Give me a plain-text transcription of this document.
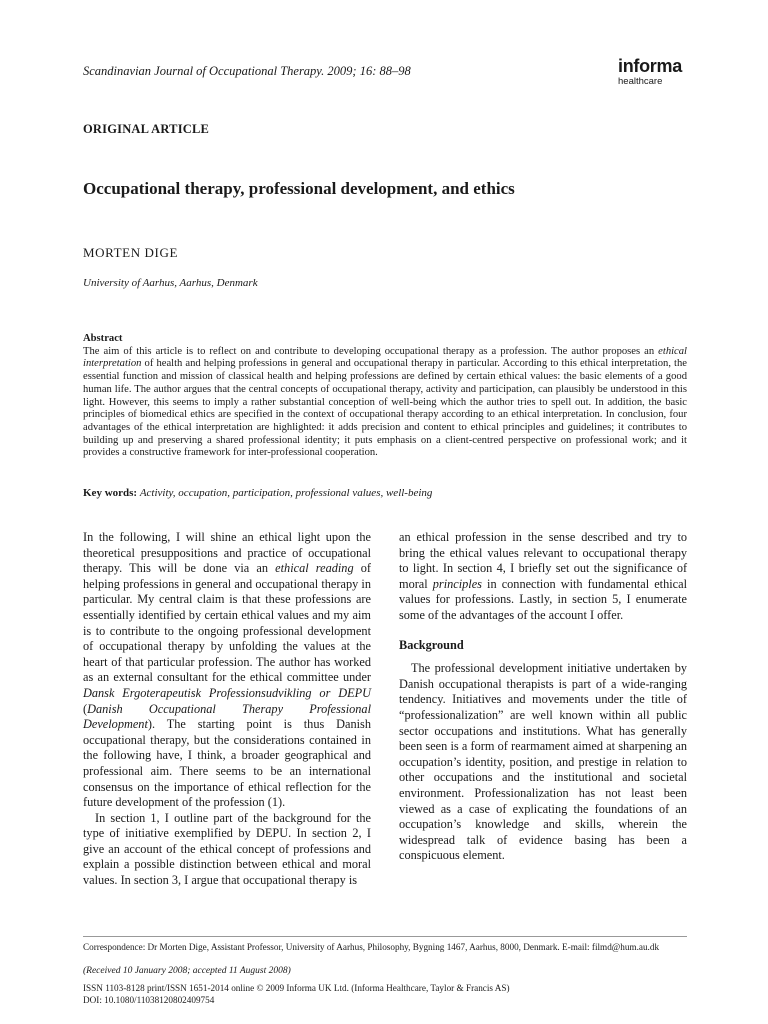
Scandinavian Journal of Occupational Therapy. 2009; 16: 88–98	informa
healthcare
ORIGINAL ARTICLE
Occupational therapy, professional development, and ethics
MORTEN DIGE
University of Aarhus, Aarhus, Denmark
Abstract
The aim of this article is to reflect on and contribute to developing occupational therapy as a profession. The author proposes an ethical interpretation of health and helping professions in general and occupational therapy in particular. According to this ethical interpretation, the essential function and mission of classical health and helping professions are defined by certain ethical values: the basic elements of a good human life. The author argues that the central concepts of occupational therapy, activity and participation, can plausibly be understood in this light. However, this seems to imply a rather substantial conception of well-being which the author tries to spell out. In addition, the basic principles of biomedical ethics are specified in the context of occupational therapy according to an ethical interpretation. In conclusion, four advantages of the ethical interpretation are highlighted: it adds precision and content to ethical principles and guidelines; it contributes to building up and preserving a shared professional identity; it puts emphasis on a client-centred perspective on professional work; and it provides a constructive framework for inter-professional cooperation.
Key words: Activity, occupation, participation, professional values, well-being

In the following, I will shine an ethical light upon the theoretical presuppositions and practice of occupational therapy. This will be done via an ethical reading of helping professions in general and occupational therapy in particular. My central claim is that these professions are essentially identified by certain ethical values and my aim is to contribute to the ongoing professional development of occupational therapy by unfolding the values at the heart of that particular profession. The author has worked as an external consultant for the ethical committee under Dansk Ergoterapeutisk Professionsudvikling or DEPU (Danish Occupational Therapy Professional Development). The starting point is thus Danish occupational therapy, but the considerations contained in the following have, I think, a broader geographical and professional aim. There seems to be an international consensus on the importance of ethical reflection for the future development of the profession (1).

In section 1, I outline part of the background for the type of initiative exemplified by DEPU. In section 2, I give an account of the ethical concept of professions and explain a possible distinction between ethical and moral values. In section 3, I argue that occupational therapy is

an ethical profession in the sense described and try to bring the ethical values relevant to occupational therapy to light. In section 4, I briefly set out the significance of moral principles in connection with fundamental ethical values for professions. Lastly, in section 5, I enumerate some of the advantages of the account I offer.

Background

The professional development initiative undertaken by Danish occupational therapists is part of a wide-ranging tendency. Initiatives and movements under the title of “professionalization” are well known within all public sector occupations and institutions. What has generally been seen is a form of rearmament aimed at sharpening an occupation’s identity, position, and prestige in relation to other occupations and the institutional and societal environment. Professionalization has not least been viewed as a case of explicating the foundations of an occupation’s knowledge and skills, wherein the widespread talk of evidence basing has been a conspicuous element.

Correspondence: Dr Morten Dige, Assistant Professor, University of Aarhus, Philosophy, Bygning 1467, Aarhus, 8000, Denmark. E-mail: filmd@hum.au.dk
(Received 10 January 2008; accepted 11 August 2008)
ISSN 1103-8128 print/ISSN 1651-2014 online © 2009 Informa UK Ltd. (Informa Healthcare, Taylor & Francis AS)
DOI: 10.1080/11038120802409754
